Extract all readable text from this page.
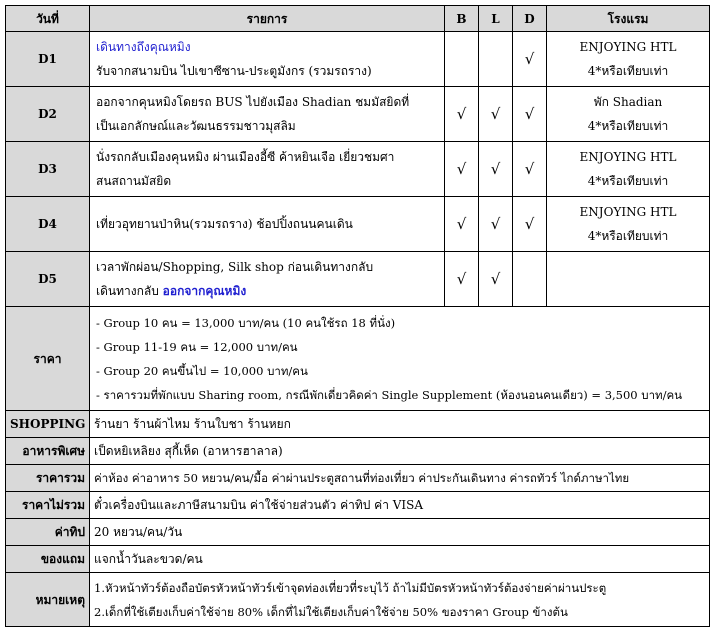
วันที่	รายการ	B	L	D	โรงแรม
D1	เดินทางถึงคุณหมิง
รับจากสนามบิน ไปเขาซีซาน-ประตูมังกร (รวมรถราง)			√	ENJOYING HTL
4*หรือเทียบเท่า

D2	ออกจากคุนหมิงโดยรถ BUS ไปยังเมือง Shadian ชมมัสยิดที่
เป็นเอกลักษณ์และวัฒนธรรมชาวมุสลิม	√	√	√	พัก Shadian
4*หรือเทียบเท่า

D3	นั่งรถกลับเมืองคุนหมิง ผ่านเมืองอี้ซี ค้าหยินเจือ เยี่ยวชมศา
สนสถานมัสยิด	√	√	√	ENJOYING HTL
4*หรือเทียบเท่า

D4	เที่ยวอุทยานป่าหิน(รวมรถราง) ช้อปปิ้งถนนคนเดิน	√	√	√	ENJOYING HTL
4*หรือเทียบเท่า

D5	เวลาพักผ่อน/Shopping, Silk shop ก่อนเดินทางกลับ
เดินทางกลับ ออกจากคุณหมิง	√	√		
ราคา	- Group 10 คน = 13,000 บาท/คน (10 คนใช้รถ 18 ที่นั่ง)
- Group 11-19 คน = 12,000 บาท/คน
- Group 20 คนขึ้นไป = 10,000 บาท/คน
- ราคารวมที่พักแบบ Sharing room, กรณีพักเดี่ยวคิดค่า Single Supplement (ห้องนอนคนเดียว) = 3,500 บาท/คน				

SHOPPING	ร้านยา ร้านผ้าไหม ร้านใบชา ร้านหยก				
อาหารพิเศษ	เป็ดหยิเหลิยง สุกี้เห็ด (อาหารฮาลาล)				
ราคารวม	ค่าห้อง ค่าอาหาร 50 หยวน/คน/มื้อ ค่าผ่านประตูสถานที่ท่องเที่ยว ค่าประกันเดินทาง ค่ารถทัวร์ ไกด์ภาษาไทย				
ราคาไม่รวม	ตั๋วเครื่องบินและภาษีสนามบิน ค่าใช้จ่ายส่วนตัว ค่าทิป ค่า VISA				
ค่าทิป	20 หยวน/คน/วัน				
ของแถม	แจกน้ำวันละขวด/คน				
หมายเหตุ	1.หัวหน้าทัวร์ต้องถือบัตรหัวหน้าทัวร์เข้าจุดท่องเที่ยวที่ระบุไว้ ถ้าไม่มีบัตรหัวหน้าทัวร์ต้องจ่ายค่าผ่านประตู
2.เด็กที่ใช้เตียงเก็บค่าใช้จ่าย 80% เด็กที่ไม่ใช้เตียงเก็บค่าใช้จ่าย 50% ของราคา Group ข้างต้น				
